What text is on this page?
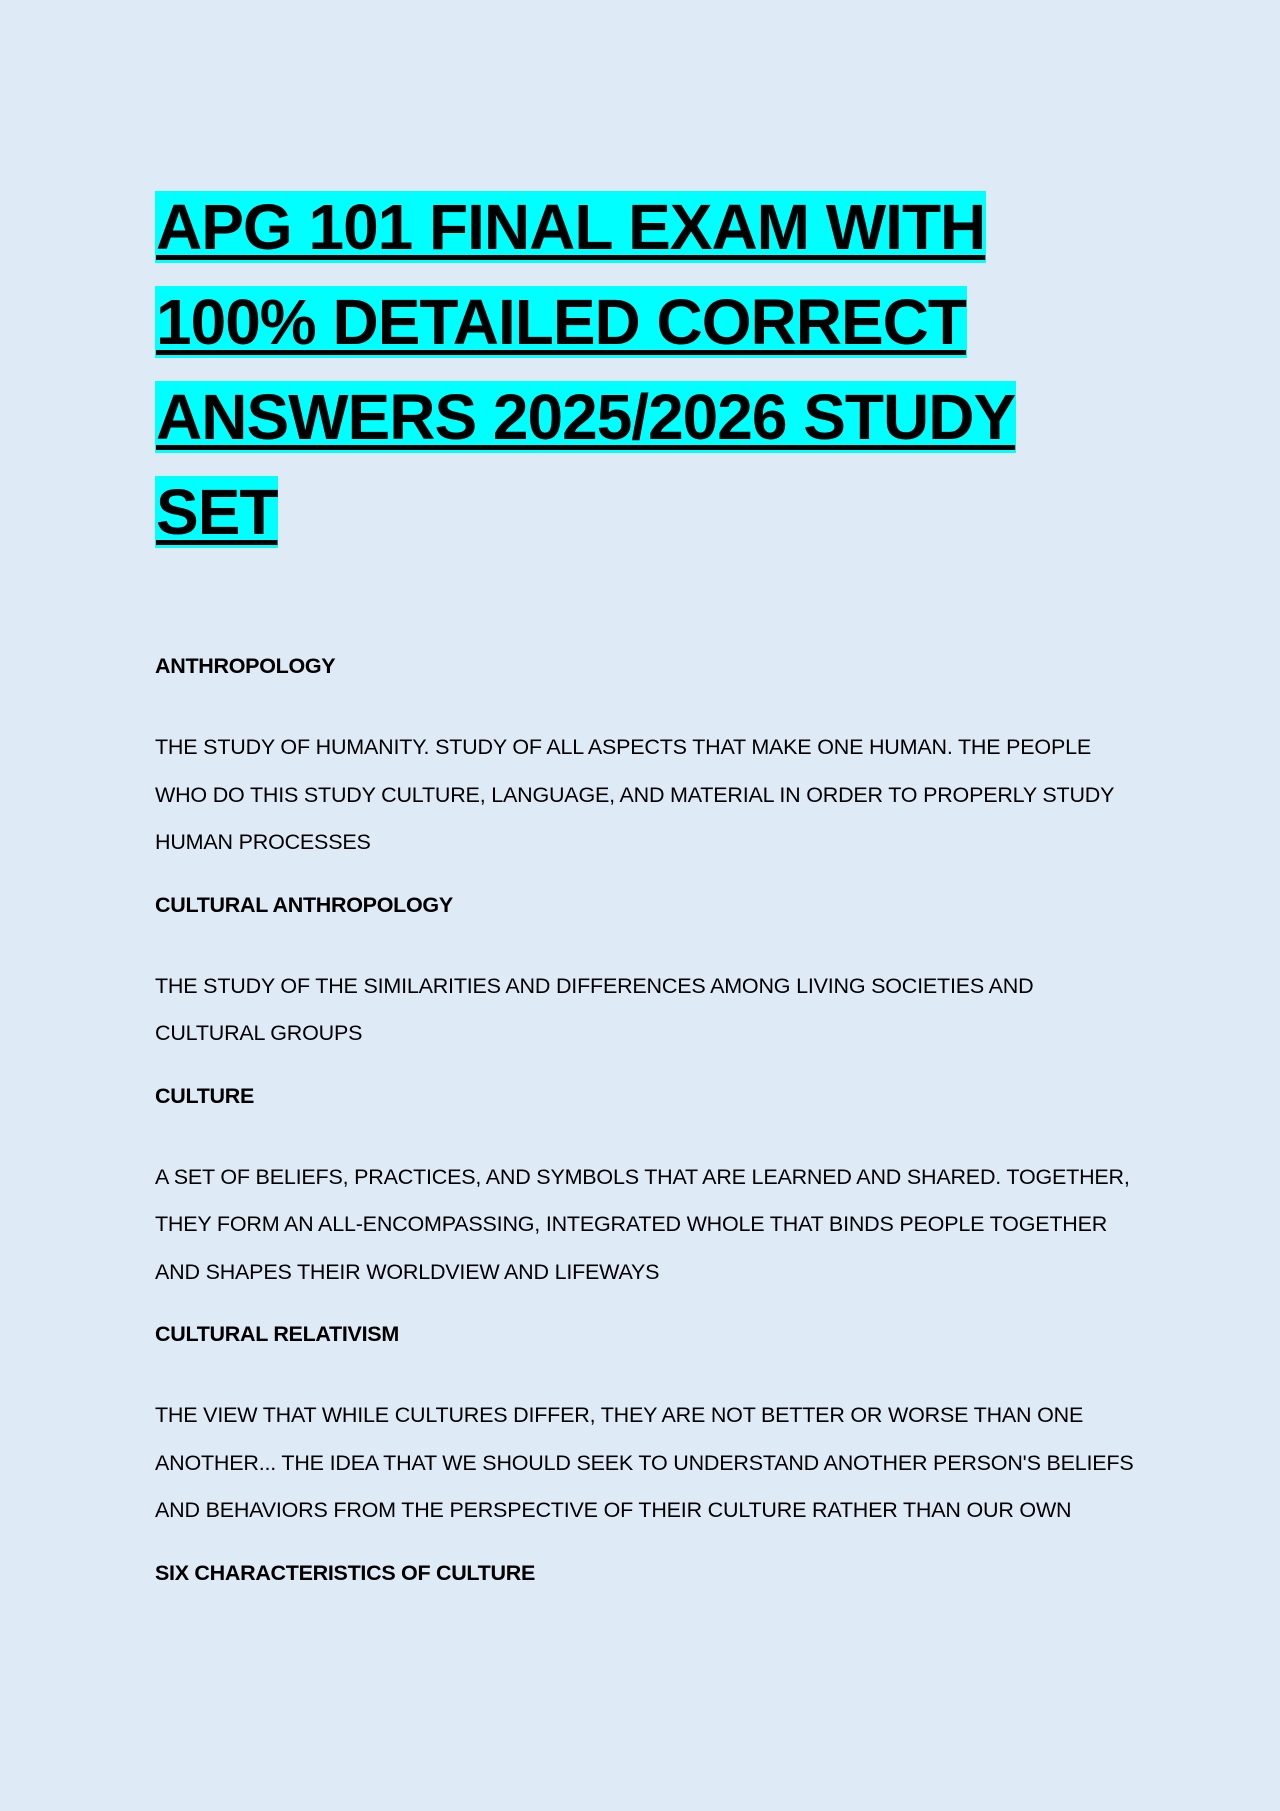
APG 101 FINAL EXAM WITH 100% DETAILED CORRECT ANSWERS 2025/2026 STUDY SET
ANTHROPOLOGY
THE STUDY OF HUMANITY. STUDY OF ALL ASPECTS THAT MAKE ONE HUMAN. THE PEOPLE WHO DO THIS STUDY CULTURE, LANGUAGE, AND MATERIAL IN ORDER TO PROPERLY STUDY HUMAN PROCESSES
CULTURAL ANTHROPOLOGY
THE STUDY OF THE SIMILARITIES AND DIFFERENCES AMONG LIVING SOCIETIES AND CULTURAL GROUPS
CULTURE
A SET OF BELIEFS, PRACTICES, AND SYMBOLS THAT ARE LEARNED AND SHARED. TOGETHER, THEY FORM AN ALL-ENCOMPASSING, INTEGRATED WHOLE THAT BINDS PEOPLE TOGETHER AND SHAPES THEIR WORLDVIEW AND LIFEWAYS
CULTURAL RELATIVISM
THE VIEW THAT WHILE CULTURES DIFFER, THEY ARE NOT BETTER OR WORSE THAN ONE ANOTHER... THE IDEA THAT WE SHOULD SEEK TO UNDERSTAND ANOTHER PERSON'S BELIEFS AND BEHAVIORS FROM THE PERSPECTIVE OF THEIR CULTURE RATHER THAN OUR OWN
SIX CHARACTERISTICS OF CULTURE
